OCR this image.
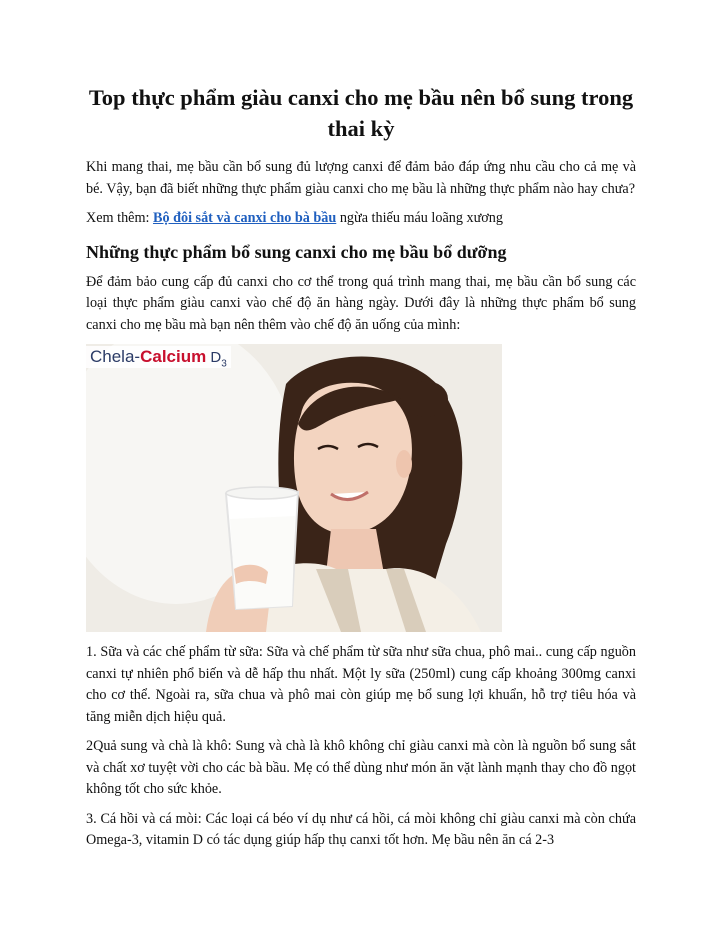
Top thực phẩm giàu canxi cho mẹ bầu nên bổ sung trong thai kỳ

Khi mang thai, mẹ bầu cần bổ sung đủ lượng canxi để đảm bảo đáp ứng nhu cầu cho cả mẹ và bé. Vậy, bạn đã biết những thực phẩm giàu canxi cho mẹ bầu là những thực phẩm nào hay chưa?

Xem thêm: Bộ đôi sắt và canxi cho bà bầu ngừa thiếu máu loãng xương

Những thực phẩm bổ sung canxi cho mẹ bầu bổ dưỡng

Để đảm bảo cung cấp đủ canxi cho cơ thể trong quá trình mang thai, mẹ bầu cần bổ sung các loại thực phẩm giàu canxi vào chế độ ăn hàng ngày. Dưới đây là những thực phẩm bổ sung canxi cho mẹ bầu mà bạn nên thêm vào chế độ ăn uống của mình:

Chela-Calcium $D_3$

1. Sữa và các chế phẩm từ sữa: Sữa và chế phẩm từ sữa như sữa chua, phô mai.. cung cấp nguồn canxi tự nhiên phổ biến và dễ hấp thu nhất. Một ly sữa (250ml) cung cấp khoảng 300mg canxi cho cơ thể. Ngoài ra, sữa chua và phô mai còn giúp mẹ bổ sung lợi khuẩn, hỗ trợ tiêu hóa và tăng miễn dịch hiệu quả.

2Quả sung và chà là khô: Sung và chà là khô không chỉ giàu canxi mà còn là nguồn bổ sung sắt và chất xơ tuyệt vời cho các bà bầu. Mẹ có thể dùng như món ăn vặt lành mạnh thay cho đồ ngọt không tốt cho sức khỏe.

3. Cá hồi và cá mòi: Các loại cá béo ví dụ như cá hồi, cá mòi không chỉ giàu canxi mà còn chứa Omega-3, vitamin D có tác dụng giúp hấp thụ canxi tốt hơn. Mẹ bầu nên ăn cá 2-3
